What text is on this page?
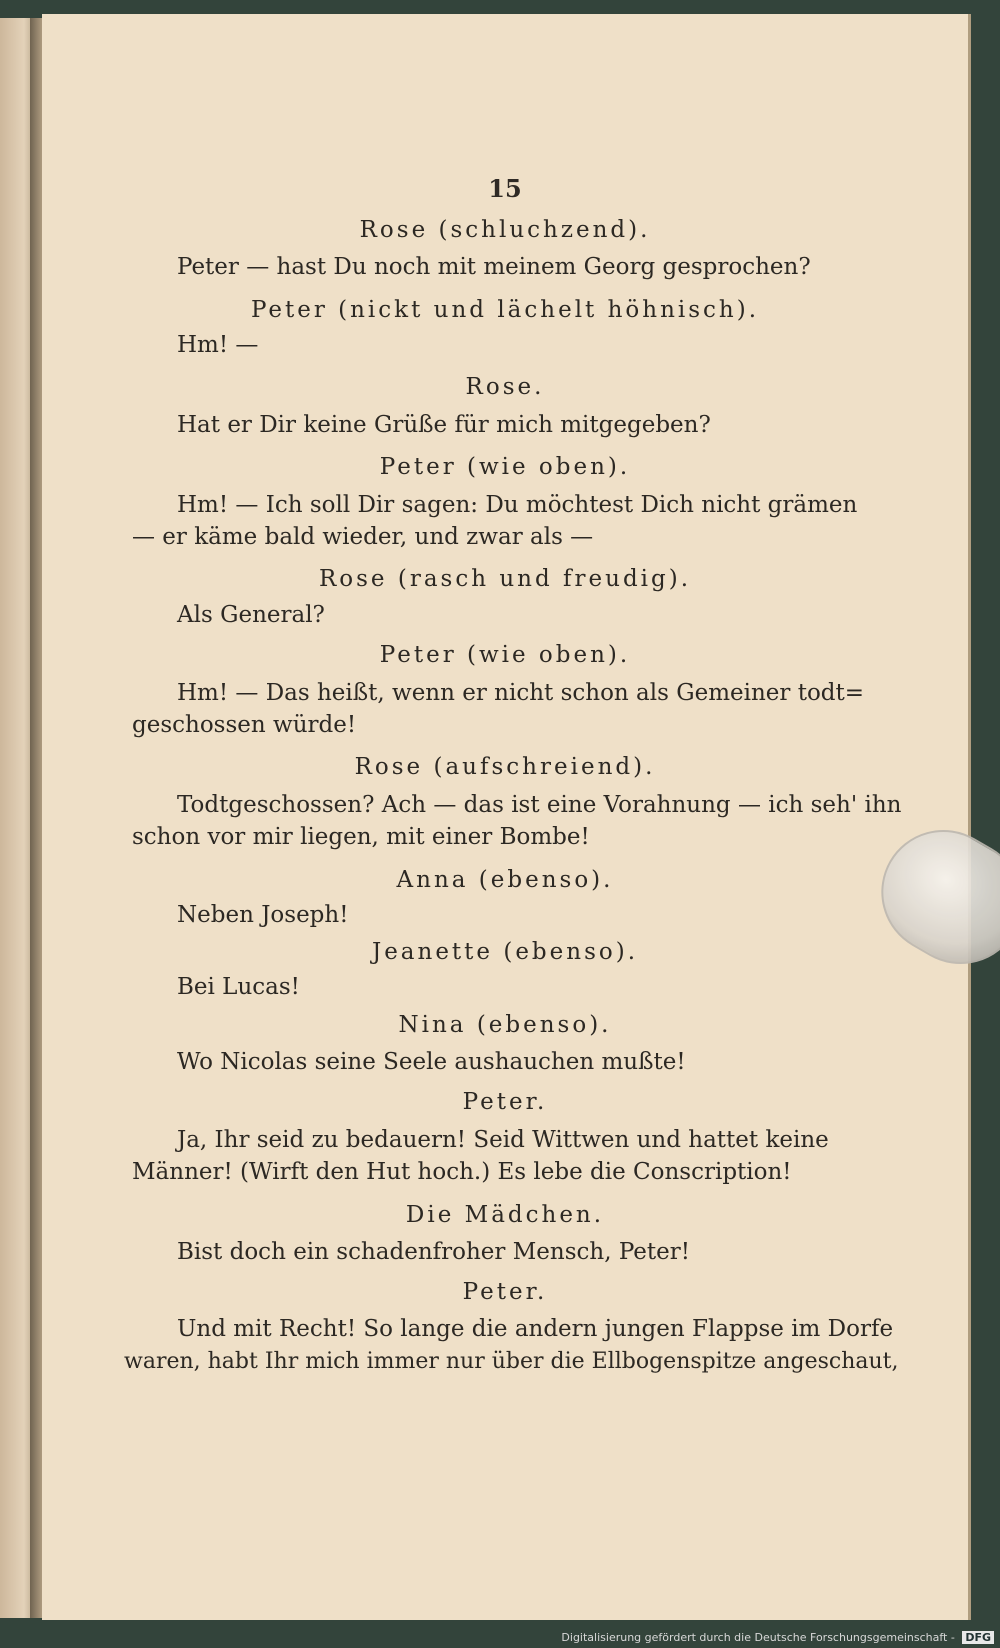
15
Rose (schluchzend).
Peter — hast Du noch mit meinem Georg gesprochen?
Peter (nickt und lächelt höhnisch).
Hm! —
Rose.
Hat er Dir keine Grüße für mich mitgegeben?
Peter (wie oben).
Hm! — Ich soll Dir sagen: Du möchtest Dich nicht grämen
— er käme bald wieder, und zwar als —
Rose (rasch und freudig).
Als General?
Peter (wie oben).
Hm! — Das heißt, wenn er nicht schon als Gemeiner todt=
geschossen würde!
Rose (aufschreiend).
Todtgeschossen? Ach — das ist eine Vorahnung — ich seh' ihn
schon vor mir liegen, mit einer Bombe!
Anna (ebenso).
Neben Joseph!
Jeanette (ebenso).
Bei Lucas!
Nina (ebenso).
Wo Nicolas seine Seele aushauchen mußte!
Peter.
Ja, Ihr seid zu bedauern! Seid Wittwen und hattet keine
Männer! (Wirft den Hut hoch.) Es lebe die Conscription!
Die Mädchen.
Bist doch ein schadenfroher Mensch, Peter!
Peter.
Und mit Recht! So lange die andern jungen Flappse im Dorfe
waren, habt Ihr mich immer nur über die Ellbogenspitze angeschaut,
Digitalisierung gefördert durch die Deutsche Forschungsgemeinschaft - DFG
